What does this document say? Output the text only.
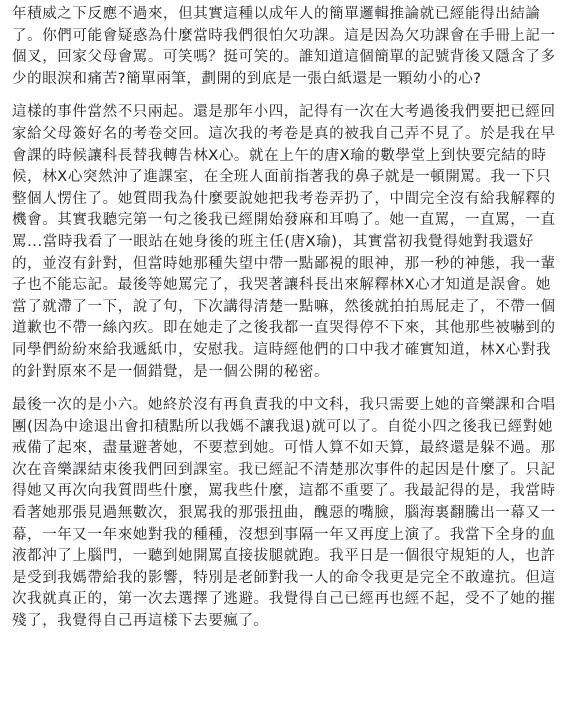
年積威之下反應不過來，但其實這種以成年人的簡單邏輯推論就已經能得出結論了。你們可能會疑惑為什麼當時我們很怕欠功課。這是因為欠功課會在手冊上記一個叉，回家父母會罵。可笑嗎？挺可笑的。誰知道這個簡單的記號背後又隱含了多少的眼淚和痛苦?簡單兩筆，劃開的到底是一張白紙還是一顆幼小的心?

這樣的事件當然不只兩起。還是那年小四，記得有一次在大考過後我們要把已經回家給父母簽好名的考卷交回。這次我的考卷是真的被我自己弄不見了。於是我在早會課的時候讓科長替我轉告林X心。就在上午的唐X瑜的數學堂上到快要完結的時候，林X心突然沖了進課室，在全班人面前指著我的鼻子就是一頓開罵。我一下只整個人愣住了。她質問我為什麼要說她把我考卷弄扔了，中間完全沒有給我解釋的機會。其實我聽完第一句之後我已經開始發麻和耳鳴了。她一直罵，一直罵，一直罵...當時我看了一眼站在她身後的班主任(唐X瑜)，其實當初我覺得她對我還好的，並沒有針對，但當時她那種失望中帶一點鄙視的眼神，那一秒的神態，我一輩子也不能忘記。最後等她罵完了，我哭著讓科長出來解釋林X心才知道是誤會。她當了就滯了一下，說了句，下次講得清楚一點嘛，然後就拍拍馬屁走了，不帶一個道歉也不帶一絲內疚。即在她走了之後我都一直哭得停不下來，其他那些被嚇到的同學們紛紛來給我遞紙巾，安慰我。這時經他們的口中我才確實知道，林X心對我的針對原來不是一個錯覺，是一個公開的秘密。

最後一次的是小六。她終於沒有再負責我的中文科，我只需要上她的音樂課和合唱團(因為中途退出會扣積點所以我媽不讓我退)就可以了。自從小四之後我已經對她戒備了起來，盡量避著她，不要惹到她。可惜人算不如天算，最終還是躲不過。那次在音樂課結束後我們回到課室。我已經記不清楚那次事件的起因是什麼了。只記得她又再次向我質問些什麼，罵我些什麼，這都不重要了。我最記得的是，我當時看著她那張見過無數次，狠罵我的那張扭曲，醜惡的嘴臉，腦海裏翻騰出一幕又一幕，一年又一年來她對我的種種，沒想到事隔一年又再度上演了。我當下全身的血液都沖了上腦門，一聽到她開罵直接拔腿就跑。我平日是一個很守規矩的人，也許是受到我媽帶給我的影響，特別是老師對我一人的命令我更是完全不敢違抗。但這次我就真正的，第一次去選擇了逃避。我覺得自己已經再也經不起，受不了她的摧殘了，我覺得自己再這樣下去要瘋了。
